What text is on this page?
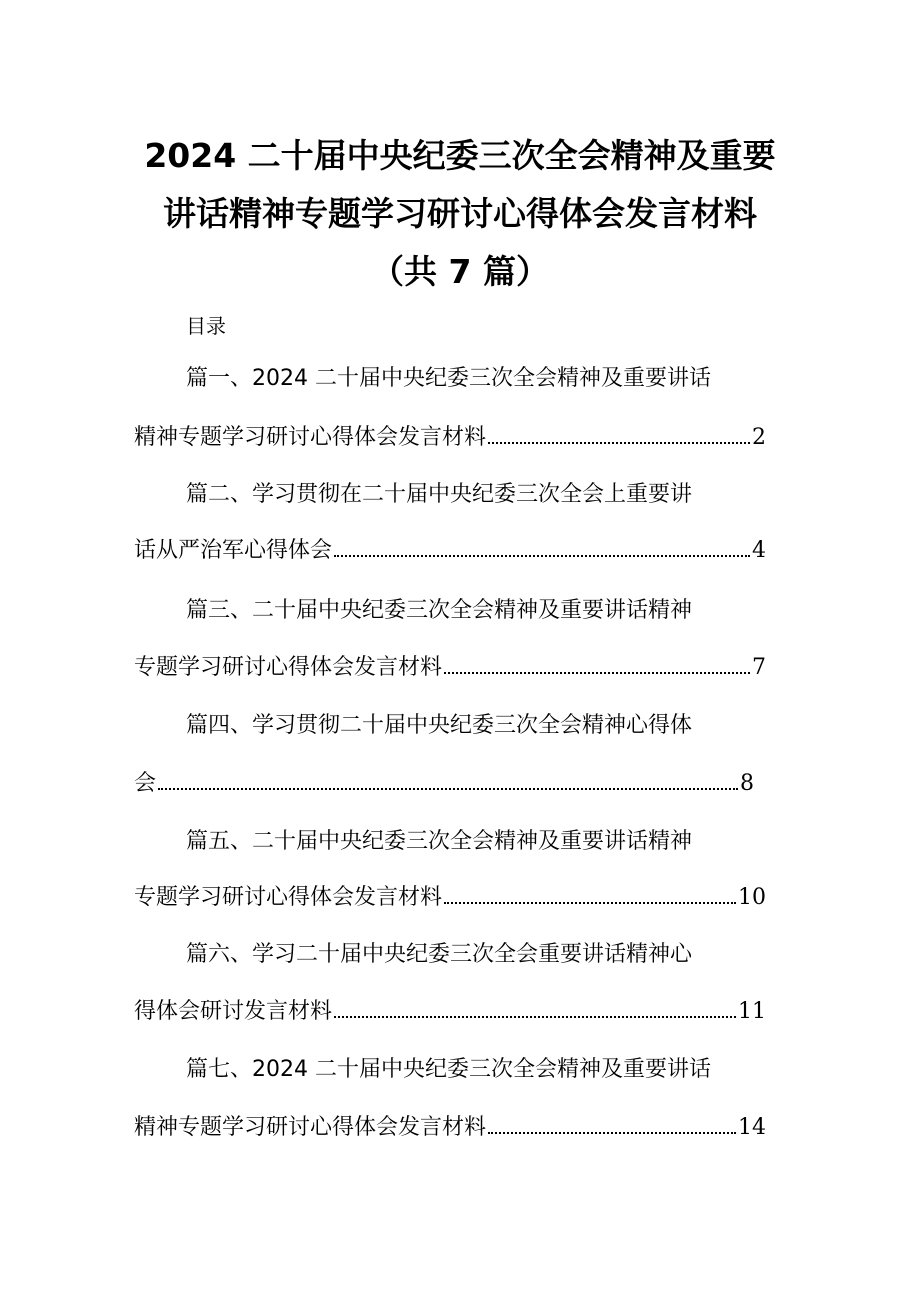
2024 二十届中央纪委三次全会精神及重要
讲话精神专题学习研讨心得体会发言材料
（共 7 篇）
目录
篇一、2024 二十届中央纪委三次全会精神及重要讲话
精神专题学习研讨心得体会发言材料	2
篇二、学习贯彻在二十届中央纪委三次全会上重要讲
话从严治军心得体会	4
篇三、二十届中央纪委三次全会精神及重要讲话精神
专题学习研讨心得体会发言材料	7
篇四、学习贯彻二十届中央纪委三次全会精神心得体
会	8
篇五、二十届中央纪委三次全会精神及重要讲话精神
专题学习研讨心得体会发言材料	10
篇六、学习二十届中央纪委三次全会重要讲话精神心
得体会研讨发言材料	11
篇七、2024 二十届中央纪委三次全会精神及重要讲话
精神专题学习研讨心得体会发言材料	14
